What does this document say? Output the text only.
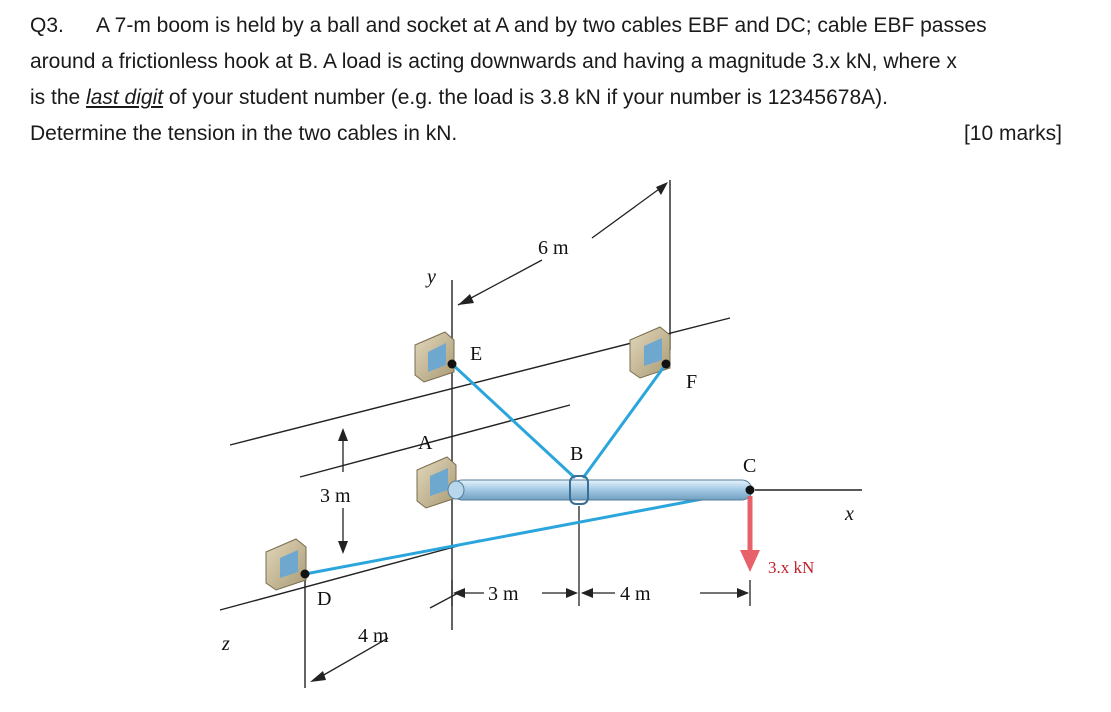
Q3. A 7-m boom is held by a ball and socket at A and by two cables EBF and DC; cable EBF passes
around a frictionless hook at B. A load is acting downwards and having a magnitude 3.x kN, where x
is the last digit of your student number (e.g. the load is 3.8 kN if your number is 12345678A).
Determine the tension in the two cables in kN.	[10 marks]
y
x
z
E
F
A	B
C
D
6 m
3 m
4 m
3 m	4 m
3.x kN
